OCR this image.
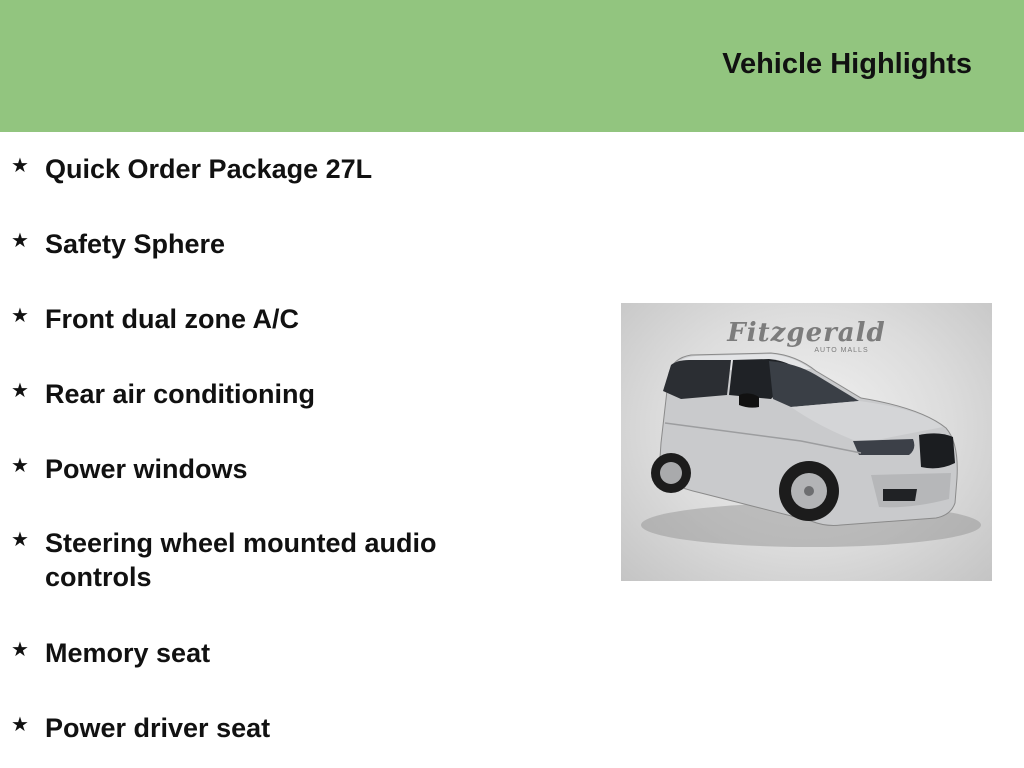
Vehicle Highlights
★ Quick Order Package 27L
★ Safety Sphere
★ Front dual zone A/C
★ Rear air conditioning
★ Power windows
★ Steering wheel mounted audio controls
★ Memory seat
★ Power driver seat
Fitzgerald
AUTO MALLS
